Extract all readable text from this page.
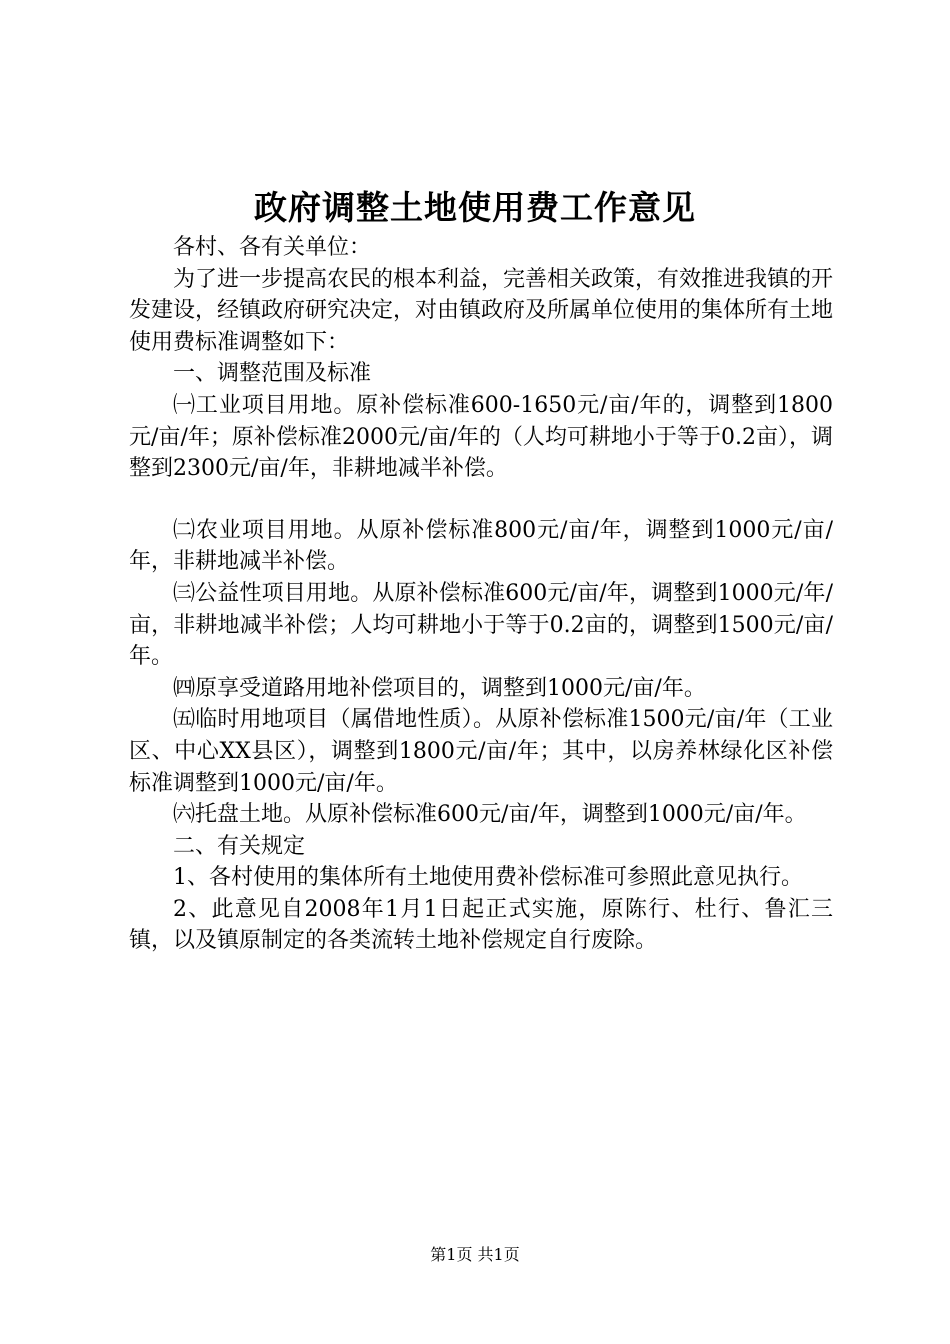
政府调整土地使用费工作意见

各村、各有关单位：

为了进一步提高农民的根本利益，完善相关政策，有效推进我镇的开发建设，经镇政府研究决定，对由镇政府及所属单位使用的集体所有土地使用费标准调整如下：

一、调整范围及标准

㈠工业项目用地。原补偿标准600-1650元/亩/年的，调整到1800元/亩/年；原补偿标准2000元/亩/年的（人均可耕地小于等于0.2亩），调整到2300元/亩/年，非耕地减半补偿。

㈡农业项目用地。从原补偿标准800元/亩/年，调整到1000元/亩/年，非耕地减半补偿。

㈢公益性项目用地。从原补偿标准600元/亩/年，调整到1000元/年/亩，非耕地减半补偿；人均可耕地小于等于0.2亩的，调整到1500元/亩/年。

㈣原享受道路用地补偿项目的，调整到1000元/亩/年。

㈤临时用地项目（属借地性质）。从原补偿标准1500元/亩/年（工业区、中心XX县区），调整到1800元/亩/年；其中，以房养林绿化区补偿标准调整到1000元/亩/年。

㈥托盘土地。从原补偿标准600元/亩/年，调整到1000元/亩/年。

二、有关规定

1、各村使用的集体所有土地使用费补偿标准可参照此意见执行。

2、此意见自2008年1月1日起正式实施，原陈行、杜行、鲁汇三镇，以及镇原制定的各类流转土地补偿规定自行废除。

第1页 共1页
